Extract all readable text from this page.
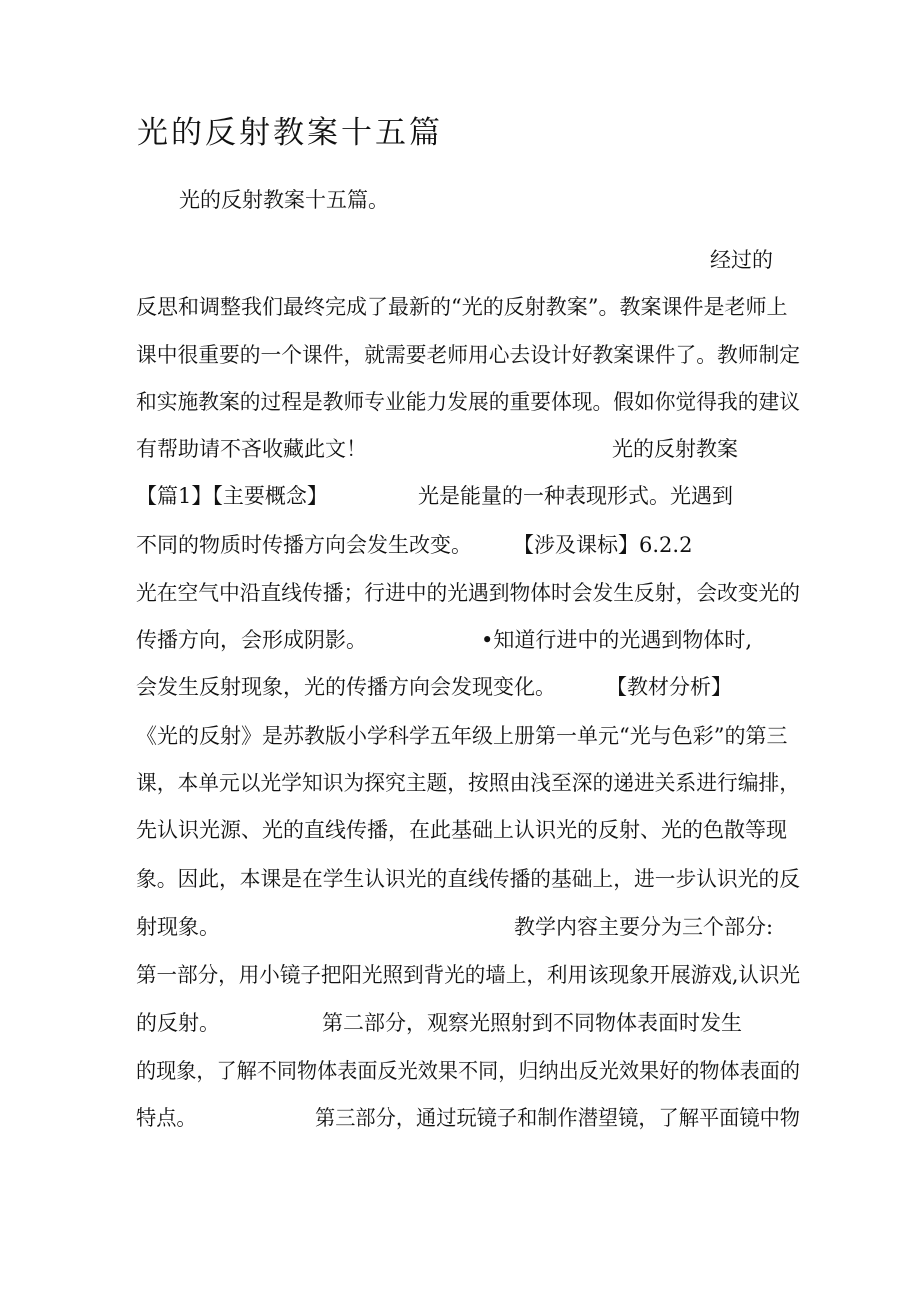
光的反射教案十五篇
光的反射教案十五篇。
经过的
反思和调整我们最终完成了最新的“光的反射教案”。教案课件是老师上
课中很重要的一个课件，就需要老师用心去设计好教案课件了。教师制定
和实施教案的过程是教师专业能力发展的重要体现。假如你觉得我的建议
有帮助请不吝收藏此文！	光的反射教案
【篇1】【主要概念】	光是能量的一种表现形式。光遇到
不同的物质时传播方向会发生改变。 【涉及课标】6.2.2
光在空气中沿直线传播；行进中的光遇到物体时会发生反射，会改变光的
传播方向，会形成阴影。	•知道行进中的光遇到物体时,
会发生反射现象，光的传播方向会发现变化。 【教材分析】
《光的反射》是苏教版小学科学五年级上册第一单元“光与色彩”的第三
课，本单元以光学知识为探究主题，按照由浅至深的递进关系进行编排，
先认识光源、光的直线传播，在此基础上认识光的反射、光的色散等现
象。因此，本课是在学生认识光的直线传播的基础上，进一步认识光的反
射现象。	教学内容主要分为三个部分:
第一部分，用小镜子把阳光照到背光的墙上，利用该现象开展游戏,认识光
的反射。	第二部分，观察光照射到不同物体表面时发生
的现象，了解不同物体表面反光效果不同，归纳出反光效果好的物体表面的
特点。	第三部分，通过玩镜子和制作潜望镜，了解平面镜中物
